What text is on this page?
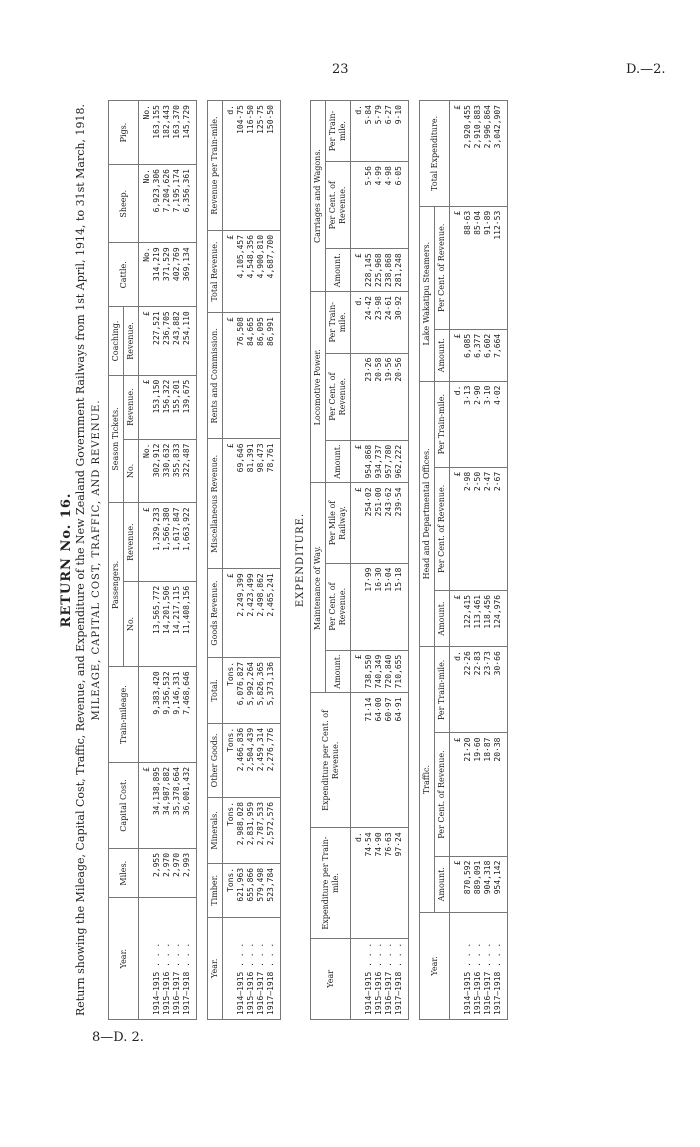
23	D.—2.
8—D. 2.
RETURN No. 16. Return showing the Mileage, Capital Cost, Traffic, Revenue, and Expenditure of the New Zealand Government Railways from 1st April, 1914, to 31st March, 1918. MILEAGE, CAPITAL COST, TRAFFIC, AND REVENUE.
Year.	Miles.	Capital Cost.	Train-mileage.	Passengers.		Season Tickets.		Coaching.	Cattle.	Sheep.	Pigs.
				No.	Revenue.	No.	Revenue.	Revenue.			
		£			£	No.	£	£	No.	No.	No.
1914–1915 . . .	2,955	34,138,895	9,383,420	13,565,772	1,329,233	302,912	153,150	227,521	314,219	6,923,306	163,155
1915–1916 . . .	2,970	34,987,882	9,356,532	14,201,506	1,566,380	330,632	156,322	236,705	371,529	7,204,626	182,443
1916–1917 . . .	2,970	35,378,664	9,146,331	14,217,115	1,617,847	355,833	155,201	243,882	402,769	7,195,174	163,370
1917–1918 . . .	2,993	36,001,432	7,468,646	11,408,156	1,663,922	322,487	139,675	254,110	369,134	6,356,361	145,729
Year.	Timber.	Minerals.	Other Goods.	Total.	Goods Revenue.	Miscellaneous Revenue.	Rents and Commission.	Total Revenue.	Revenue per Train-mile.
	Tons.	Tons.	Tons.	Tons.	£	£	£	£	d.
1914–1915 . . .	621,963	2,988,028	2,466,836	6,076,827	2,249,399	69,646	76,508	4,105,457	104·75
1915–1916 . . .	655,866	2,831,959	2,504,439	5,992,264	2,423,499	81,391	84,665	4,548,356	116·50
1916–1917 . . .	579,498	2,787,533	2,459,314	5,826,365	2,498,862	98,473	86,095	4,900,810	125·75
1917–1918 . . .	523,784	2,572,576	2,276,776	5,373,136	2,465,241	78,761	86,991	4,687,700	150·50
EXPENDITURE.
Year	Expenditure per Train-mile.	Expenditure per Cent. of Revenue.	Maintenance of Way.			Locomotive Power.			Carriages and Wagons.		
			Amount.	Per Cent. of Revenue.	Per Mile of Railway.	Amount.	Per Cent. of Revenue.	Per Train-mile.	Amount.	Per Cent. of Revenue.	Per Train-mile.
	d.		£		£	£		d.	£		d.
1914–1915 . . .	74·54	71·14	738,550	17·99	254·02	954,868	23·26	24·42	228,145	5·56	5·84
1915–1916 . . .	74·90	64·00	740,349	16·30	251·00	934,737	20·58	23·98	225,968	4·99	5·79
1916–1917 . . .	76·63	60·97	720,840	15·04	243·62	957,780	19·56	24·61	238,868	4·98	6·27
1917–1918 . . .	97·24	64·91	710,655	15·18	239·54	962,222	20·56	30·92	281,248	6·05	9·10
Year.	Traffic.			Head and Departmental Offices.			Lake Wakatipu Steamers.		Total Expenditure.
	Amount.	Per Cent. of Revenue.	Per Train-mile.	Amount.	Per Cent. of Revenue.	Per Train-mile.	Amount.	Per Cent. of Revenue.	
	£	£	d.	£	£	d.	£	£	£
1914–1915 . . .	870,592	21·20	22·26	122,415	2·98	3·13	6,085	88·63	2,920,455
1915–1916 . . .	889,091	19·60	22·83	113,461	2·50	2·90	6,377	85·04	2,910,883
1916–1917 . . .	904,318	18·87	23·73	118,456	2·47	3·10	6,602	91·89	2,996,864
1917–1918 . . .	954,142	20·38	30·66	124,976	2·67	4·02	7,664	112·53	3,042,907
